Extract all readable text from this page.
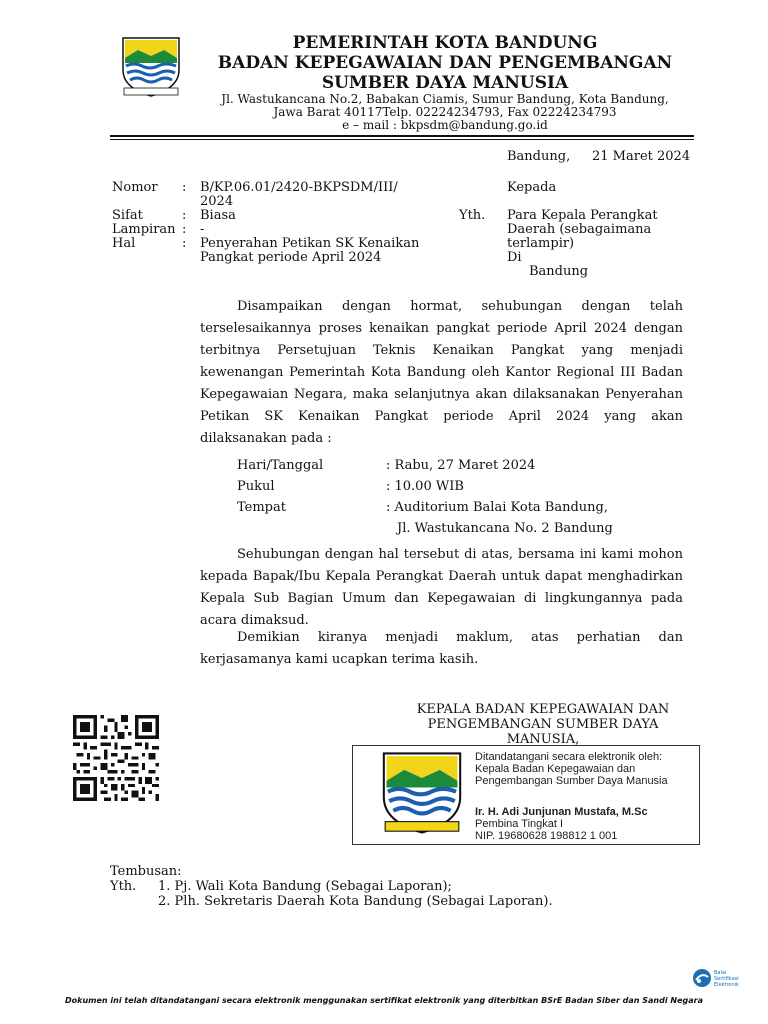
PEMERINTAH KOTA BANDUNG
BADAN KEPEGAWAIAN DAN PENGEMBANGAN
SUMBER DAYA MANUSIA
Jl. Wastukancana No.2, Babakan Ciamis, Sumur Bandung, Kota Bandung,
Jawa Barat 40117Telp. 02224234793, Fax 02224234793
e – mail : bkpsdm@bandung.go.id
Bandung, 21 Maret 2024
Nomor : B/KP.06.01/2420-BKPSDM/III/
2024
Sifat	: Biasa
Lampiran : -
Hal	: Penyerahan Petikan SK Kenaikan
Pangkat periode April 2024
Kepada
Yth. Para Kepala Perangkat
Daerah (sebagaimana
terlampir)
Di
Bandung
Disampaikan dengan hormat, sehubungan dengan telah terselesaikannya proses kenaikan pangkat periode April 2024 dengan terbitnya Persetujuan Teknis Kenaikan Pangkat yang menjadi kewenangan Pemerintah Kota Bandung oleh Kantor Regional III Badan Kepegawaian Negara, maka selanjutnya akan dilaksanakan Penyerahan Petikan SK Kenaikan Pangkat periode April 2024 yang akan dilaksanakan pada :
Hari/Tanggal	: Rabu, 27 Maret 2024
Pukul	: 10.00 WIB
Tempat	: Auditorium Balai Kota Bandung,
Jl. Wastukancana No. 2 Bandung
Sehubungan dengan hal tersebut di atas, bersama ini kami mohon kepada Bapak/Ibu Kepala Perangkat Daerah untuk dapat menghadirkan Kepala Sub Bagian Umum dan Kepegawaian di lingkungannya pada acara dimaksud.
Demikian kiranya menjadi maklum, atas perhatian dan kerjasamanya kami ucapkan terima kasih.
KEPALA BADAN KEPEGAWAIAN DAN
PENGEMBANGAN SUMBER DAYA
MANUSIA,
Ditandatangani secara elektronik oleh:
Kepala Badan Kepegawaian dan
Pengembangan Sumber Daya Manusia
Ir. H. Adi Junjunan Mustafa, M.Sc
Pembina Tingkat I
NIP. 19680628 198812 1 001
Tembusan:
Yth. 1. Pj. Wali Kota Bandung (Sebagai Laporan);
2. Plh. Sekretaris Daerah Kota Bandung (Sebagai Laporan).
Balai
Sertifikasi
Elektronik
Dokumen ini telah ditandatangani secara elektronik menggunakan sertifikat elektronik yang diterbitkan BSrE Badan Siber dan Sandi Negara
